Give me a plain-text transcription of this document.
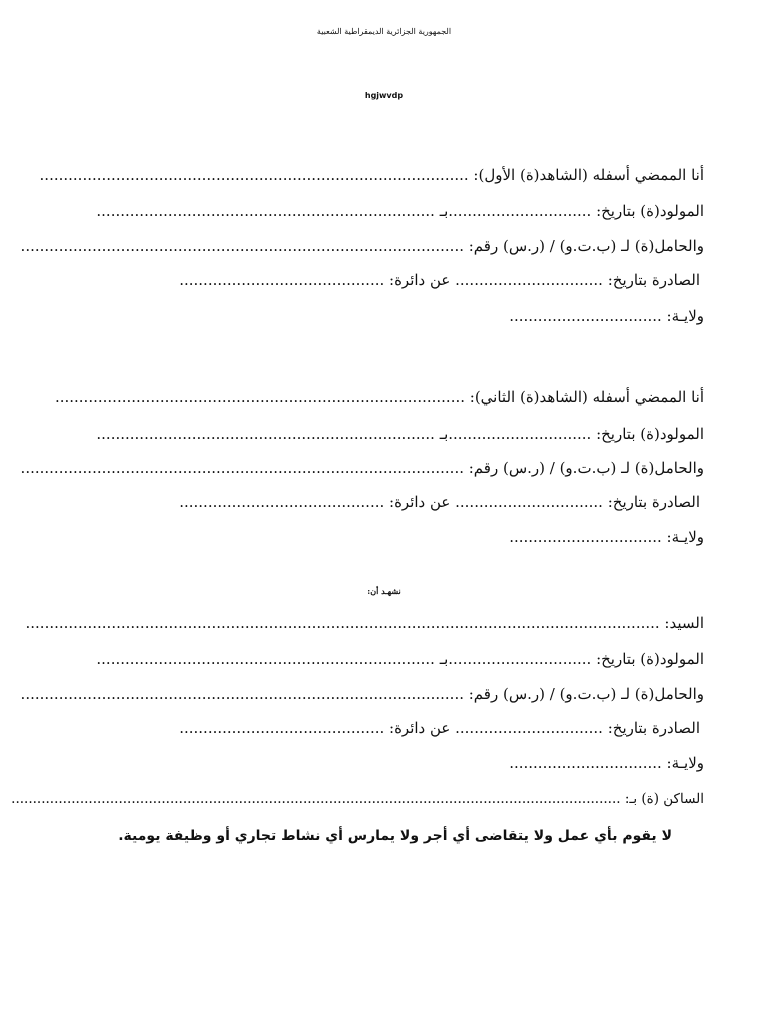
الجمهورية الجزائرية الديمقراطية الشعبية
hgjwvdp
أنا الممضي أسفله (الشاهد(ة) الأول): ..........................................................................................
المولود(ة) بتاريخ: ..............................بـ .......................................................................
والحامل(ة) لـ (ب.ت.و) / (ر.س) رقم: .............................................................................................
الصادرة بتاريخ: ............................... عن دائرة: ...........................................
ولايـة: ................................
أنا الممضي أسفله (الشاهد(ة) الثاني): ......................................................................................
المولود(ة) بتاريخ: ..............................بـ .......................................................................
والحامل(ة) لـ (ب.ت.و) / (ر.س) رقم: .............................................................................................
الصادرة بتاريخ: ............................... عن دائرة: ...........................................
ولايـة: ................................
نشهـد أن:
السيد: .....................................................................................................................................
المولود(ة) بتاريخ: ..............................بـ .......................................................................
والحامل(ة) لـ (ب.ت.و) / (ر.س) رقم: .............................................................................................
الصادرة بتاريخ: ............................... عن دائرة: ...........................................
ولايـة: ................................
الساكن (ة) بـ: ..............................................................................................................................................
لا يقوم بأي عمل ولا يتقاضى أي أجر ولا يمارس أي نشاط تجاري أو وظيفة يومية.
